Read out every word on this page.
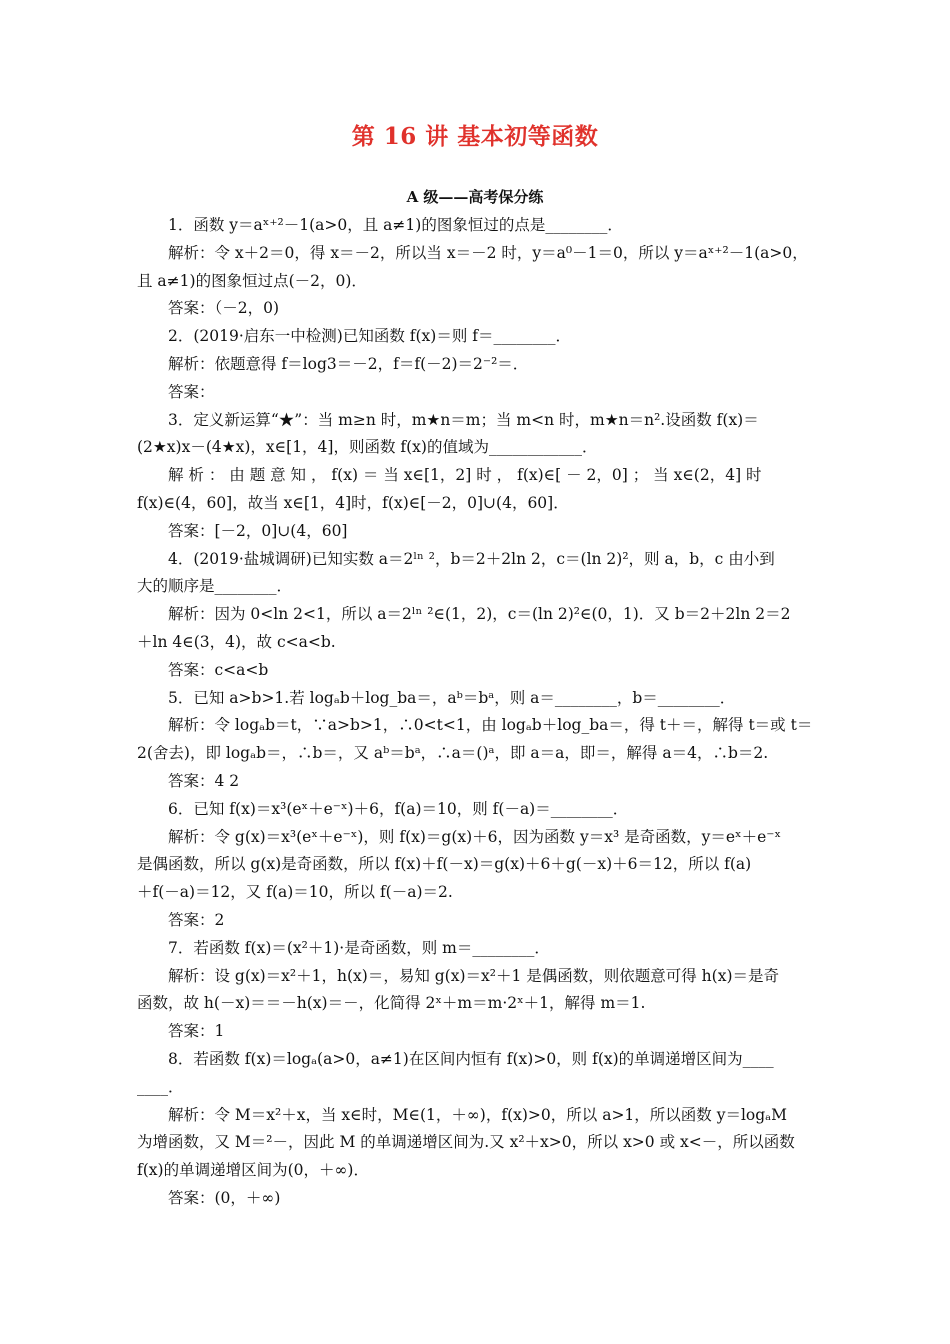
第 16 讲 基本初等函数
A 级——高考保分练
1．函数 y＝aˣ⁺²－1(a>0，且 a≠1)的图象恒过的点是________．
解析：令 x＋2＝0，得 x＝－2，所以当 x＝－2 时，y＝a⁰－1＝0，所以 y＝aˣ⁺²－1(a>0，
且 a≠1)的图象恒过点(－2，0)．
答案：（－2，0)
2．(2019·启东一中检测)已知函数 f(x)＝则 f＝________．
解析：依题意得 f＝log3＝－2，f＝f(－2)＝2⁻²＝．
答案：
3．定义新运算“★”：当 m≥n 时，m★n＝m；当 m<n 时，m★n＝n².设函数 f(x)＝
(2★x)x－(4★x)，x∈[1，4]，则函数 f(x)的值域为____________．
解 析 ： 由 题 意 知 ， f(x) ＝ 当 x∈[1，2] 时 ， f(x)∈[ － 2，0] ； 当 x∈(2，4] 时
f(x)∈(4，60]，故当 x∈[1，4]时，f(x)∈[－2，0]∪(4，60]．
答案：[－2，0]∪(4，60]
4．(2019·盐城调研)已知实数 a＝2ˡⁿ ²，b＝2＋2ln 2，c＝(ln 2)²，则 a，b，c 由小到
大的顺序是________．
解析：因为 0<ln 2<1，所以 a＝2ˡⁿ ²∈(1，2)，c＝(ln 2)²∈(0，1)．又 b＝2＋2ln 2＝2
＋ln 4∈(3，4)，故 c<a<b.
答案：c<a<b
5．已知 a>b>1.若 logₐb＋log_ba＝，aᵇ＝bᵃ，则 a＝________，b＝________．
解析：令 logₐb＝t，∵a>b>1，∴0<t<1，由 logₐb＋log_ba＝，得 t＋＝，解得 t＝或 t＝
2(舍去)，即 logₐb＝，∴b＝，又 aᵇ＝bᵃ，∴a＝()ᵃ，即 a＝a，即＝，解得 a＝4，∴b＝2.
答案：4 2
6．已知 f(x)＝x³(eˣ＋e⁻ˣ)＋6，f(a)＝10，则 f(－a)＝________．
解析：令 g(x)＝x³(eˣ＋e⁻ˣ)，则 f(x)＝g(x)＋6，因为函数 y＝x³ 是奇函数，y＝eˣ＋e⁻ˣ
是偶函数，所以 g(x)是奇函数，所以 f(x)＋f(－x)＝g(x)＋6＋g(－x)＋6＝12，所以 f(a)
＋f(－a)＝12，又 f(a)＝10，所以 f(－a)＝2.
答案：2
7．若函数 f(x)＝(x²＋1)·是奇函数，则 m＝________．
解析：设 g(x)＝x²＋1，h(x)＝，易知 g(x)＝x²＋1 是偶函数，则依题意可得 h(x)＝是奇
函数，故 h(－x)＝＝－h(x)＝－，化简得 2ˣ＋m＝m·2ˣ＋1，解得 m＝1.
答案：1
8．若函数 f(x)＝logₐ(a>0，a≠1)在区间内恒有 f(x)>0，则 f(x)的单调递增区间为____
____．
解析：令 M＝x²＋x，当 x∈时，M∈(1，＋∞)，f(x)>0，所以 a>1，所以函数 y＝logₐM
为增函数，又 M＝²－，因此 M 的单调递增区间为.又 x²＋x>0，所以 x>0 或 x<－，所以函数
f(x)的单调递增区间为(0，＋∞)．
答案：(0，＋∞)
